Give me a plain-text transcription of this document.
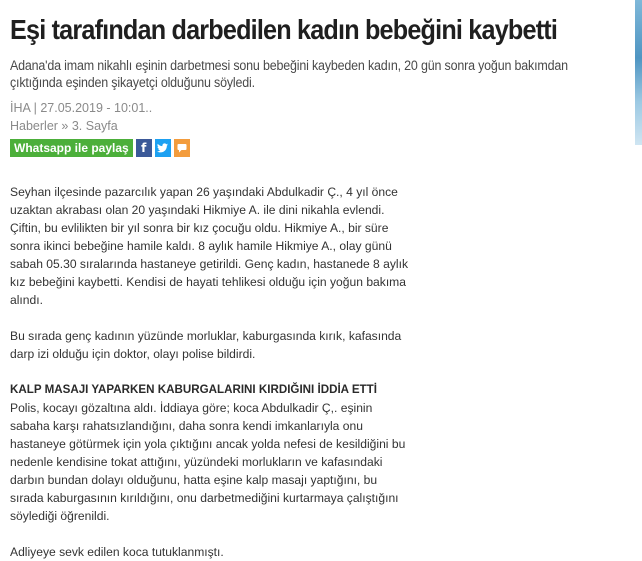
Eşi tarafından darbedilen kadın bebeğini kaybetti

Adana'da imam nikahlı eşinin darbetmesi sonu bebeğini kaybeden kadın, 20 gün sonra yoğun bakımdan çıktığında eşinden şikayetçi olduğunu söyledi.

İHA | 27.05.2019 - 10:01..
Haberler » 3. Sayfa
Whatsapp ile paylaş	f

Seyhan ilçesinde pazarcılık yapan 26 yaşındaki Abdulkadir Ç., 4 yıl önce uzaktan akrabası olan 20 yaşındaki Hikmiye A. ile dini nikahla evlendi. Çiftin, bu evlilikten bir yıl sonra bir kız çocuğu oldu. Hikmiye A., bir süre sonra ikinci bebeğine hamile kaldı. 8 aylık hamile Hikmiye A., olay günü sabah 05.30 sıralarında hastaneye getirildi. Genç kadın, hastanede 8 aylık kız bebeğini kaybetti. Kendisi de hayati tehlikesi olduğu için yoğun bakıma alındı.

Bu sırada genç kadının yüzünde morluklar, kaburgasında kırık, kafasında darp izi olduğu için doktor, olayı polise bildirdi.

KALP MASAJI YAPARKEN KABURGALARINI KIRDIĞINI İDDİA ETTİ

Polis, kocayı gözaltına aldı. İddiaya göre; koca Abdulkadir Ç,. eşinin sabaha karşı rahatsızlandığını, daha sonra kendi imkanlarıyla onu hastaneye götürmek için yola çıktığını ancak yolda nefesi de kesildiğini bu nedenle kendisine tokat attığını, yüzündeki morlukların ve kafasındaki darbın bundan dolayı olduğunu, hatta eşine kalp masajı yaptığını, bu sırada kaburgasının kırıldığını, onu darbetmediğini kurtarmaya çalıştığını söylediği öğrenildi.

Adliyeye sevk edilen koca tutuklanmıştı.
